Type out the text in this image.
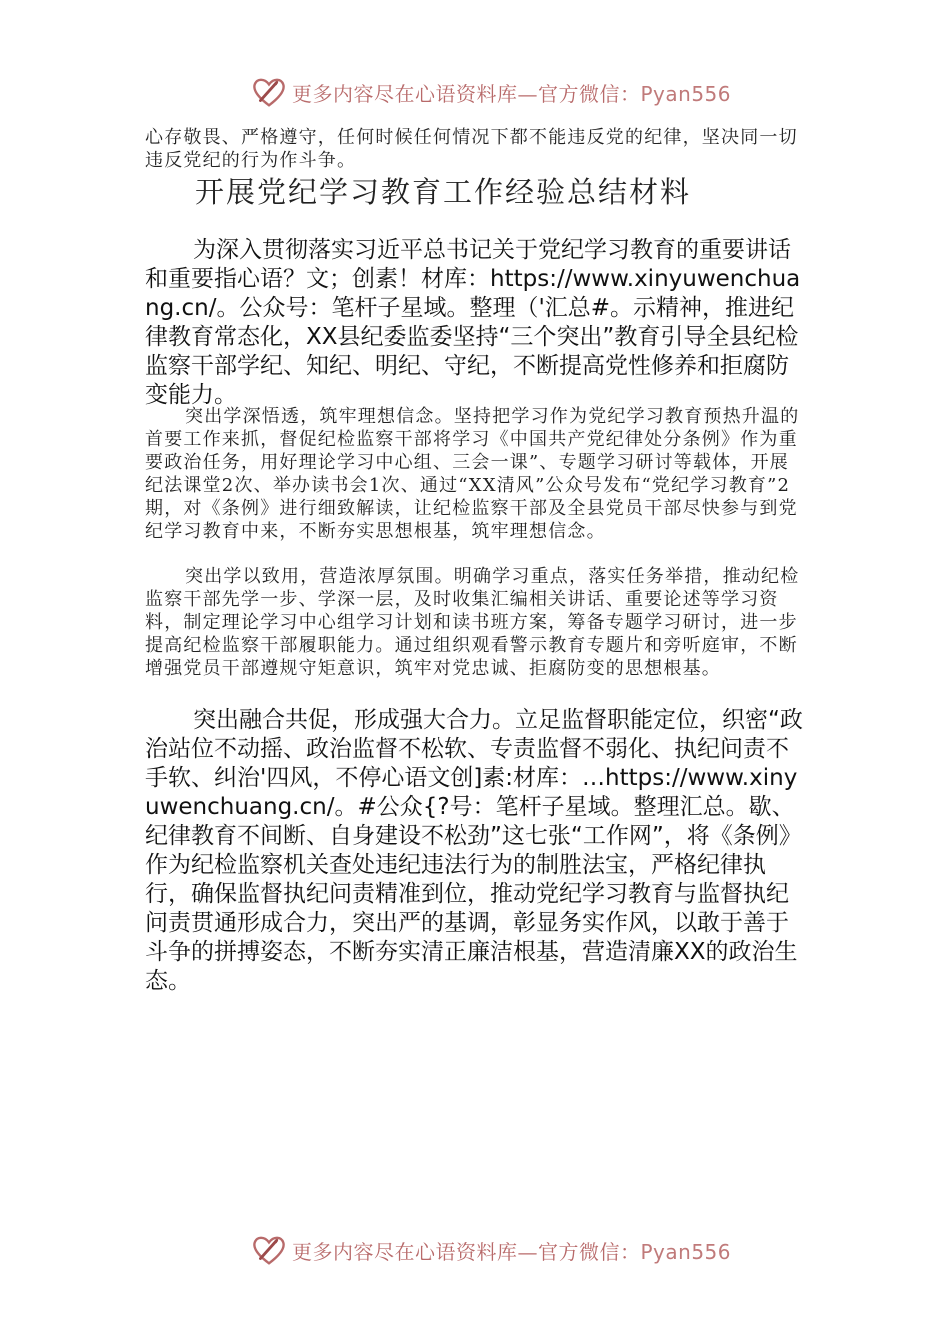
更多内容尽在心语资料库—官方微信：Pyan556

心存敬畏、严格遵守，任何时候任何情况下都不能违反党的纪律，坚决同一切违反党纪的行为作斗争。

开展党纪学习教育工作经验总结材料

为深入贯彻落实习近平总书记关于党纪学习教育的重要讲话和重要指心语？文；创素！材库：https://www.xinyuwenchuang.cn/。公众号：笔杆子星域。整理（'汇总#。示精神，推进纪律教育常态化，XX县纪委监委坚持“三个突出”教育引导全县纪检监察干部学纪、知纪、明纪、守纪，不断提高党性修养和拒腐防变能力。

突出学深悟透，筑牢理想信念。坚持把学习作为党纪学习教育预热升温的首要工作来抓，督促纪检监察干部将学习《中国共产党纪律处分条例》作为重要政治任务，用好理论学习中心组、三会一课”、专题学习研讨等载体，开展纪法课堂2次、举办读书会1次、通过“XX清风”公众号发布“党纪学习教育”2期，对《条例》进行细致解读，让纪检监察干部及全县党员干部尽快参与到党纪学习教育中来，不断夯实思想根基，筑牢理想信念。

突出学以致用，营造浓厚氛围。明确学习重点，落实任务举措，推动纪检监察干部先学一步、学深一层，及时收集汇编相关讲话、重要论述等学习资料，制定理论学习中心组学习计划和读书班方案，筹备专题学习研讨，进一步提高纪检监察干部履职能力。通过组织观看警示教育专题片和旁听庭审，不断增强党员干部遵规守矩意识，筑牢对党忠诚、拒腐防变的思想根基。

突出融合共促，形成强大合力。立足监督职能定位，织密“政治站位不动摇、政治监督不松软、专责监督不弱化、执纪问责不手软、纠治'四风，不停心语文创]素:材库：…https://www.xinyuwenchuang.cn/。#公众{?号：笔杆子星域。整理汇总。歇、纪律教育不间断、自身建设不松劲”这七张“工作网”，将《条例》作为纪检监察机关查处违纪违法行为的制胜法宝，严格纪律执行，确保监督执纪问责精准到位，推动党纪学习教育与监督执纪问责贯通形成合力，突出严的基调，彰显务实作风，以敢于善于斗争的拼搏姿态，不断夯实清正廉洁根基，营造清廉XX的政治生态。

更多内容尽在心语资料库—官方微信：Pyan556
